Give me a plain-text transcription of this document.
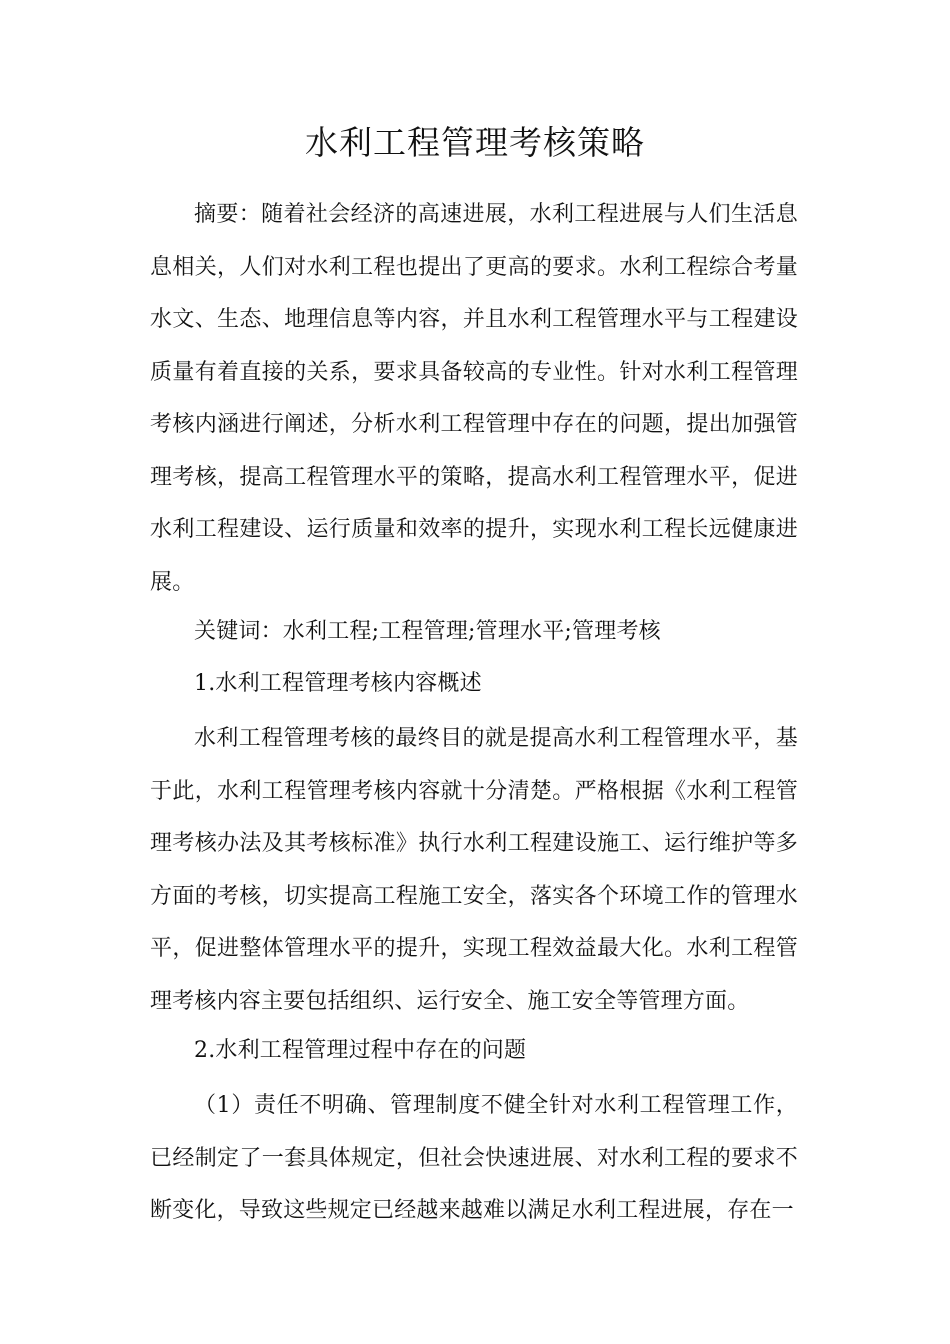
水利工程管理考核策略

摘要：随着社会经济的高速进展，水利工程进展与人们生活息息相关，人们对水利工程也提出了更高的要求。水利工程综合考量水文、生态、地理信息等内容，并且水利工程管理水平与工程建设质量有着直接的关系，要求具备较高的专业性。针对水利工程管理考核内涵进行阐述，分析水利工程管理中存在的问题，提出加强管理考核，提高工程管理水平的策略，提高水利工程管理水平，促进水利工程建设、运行质量和效率的提升，实现水利工程长远健康进展。

关键词：水利工程;工程管理;管理水平;管理考核

1.水利工程管理考核内容概述

水利工程管理考核的最终目的就是提高水利工程管理水平，基于此，水利工程管理考核内容就十分清楚。严格根据《水利工程管理考核办法及其考核标准》执行水利工程建设施工、运行维护等多方面的考核，切实提高工程施工安全，落实各个环境工作的管理水平，促进整体管理水平的提升，实现工程效益最大化。水利工程管理考核内容主要包括组织、运行安全、施工安全等管理方面。

2.水利工程管理过程中存在的问题

（1）责任不明确、管理制度不健全针对水利工程管理工作，已经制定了一套具体规定，但社会快速进展、对水利工程的要求不断变化，导致这些规定已经越来越难以满足水利工程进展，存在一
